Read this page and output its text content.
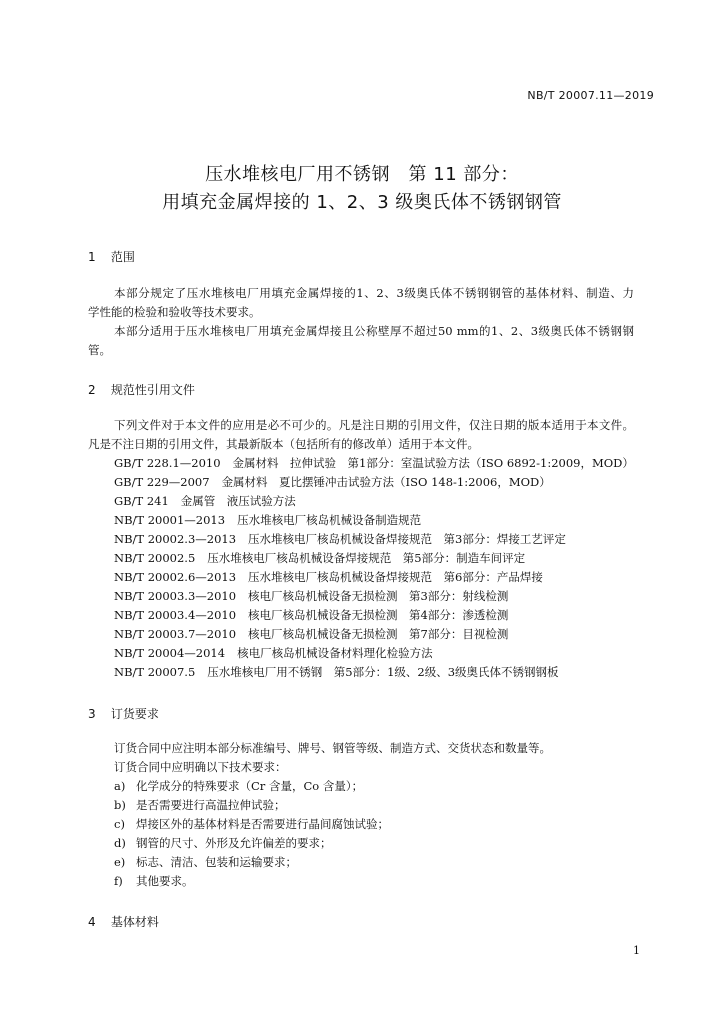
NB/T 20007.11—2019
压水堆核电厂用不锈钢　第 11 部分：
用填充金属焊接的 1、2、3 级奥氏体不锈钢钢管
1 范围
本部分规定了压水堆核电厂用填充金属焊接的1、2、3级奥氏体不锈钢钢管的基体材料、制造、力
学性能的检验和验收等技术要求。
本部分适用于压水堆核电厂用填充金属焊接且公称壁厚不超过50 mm的1、2、3级奥氏体不锈钢钢
管。
2 规范性引用文件
下列文件对于本文件的应用是必不可少的。凡是注日期的引用文件，仅注日期的版本适用于本文件。
凡是不注日期的引用文件，其最新版本（包括所有的修改单）适用于本文件。
GB/T 228.1—2010 金属材料　拉伸试验　第1部分：室温试验方法（ISO 6892-1:2009，MOD）
GB/T 229—2007 金属材料　夏比摆锤冲击试验方法（ISO 148-1:2006，MOD）
GB/T 241 金属管　液压试验方法
NB/T 20001—2013 压水堆核电厂核岛机械设备制造规范
NB/T 20002.3—2013 压水堆核电厂核岛机械设备焊接规范　第3部分：焊接工艺评定
NB/T 20002.5 压水堆核电厂核岛机械设备焊接规范　第5部分：制造车间评定
NB/T 20002.6—2013 压水堆核电厂核岛机械设备焊接规范　第6部分：产品焊接
NB/T 20003.3—2010 核电厂核岛机械设备无损检测　第3部分：射线检测
NB/T 20003.4—2010 核电厂核岛机械设备无损检测　第4部分：渗透检测
NB/T 20003.7—2010 核电厂核岛机械设备无损检测　第7部分：目视检测
NB/T 20004—2014 核电厂核岛机械设备材料理化检验方法
NB/T 20007.5 压水堆核电厂用不锈钢　第5部分：1级、2级、3级奥氏体不锈钢钢板
3 订货要求
订货合同中应注明本部分标准编号、牌号、钢管等级、制造方式、交货状态和数量等。
订货合同中应明确以下技术要求：
a) 化学成分的特殊要求（Cr 含量，Co 含量）；
b) 是否需要进行高温拉伸试验；
c) 焊接区外的基体材料是否需要进行晶间腐蚀试验；
d) 钢管的尺寸、外形及允许偏差的要求；
e) 标志、清洁、包装和运输要求；
f) 其他要求。
4 基体材料
1
